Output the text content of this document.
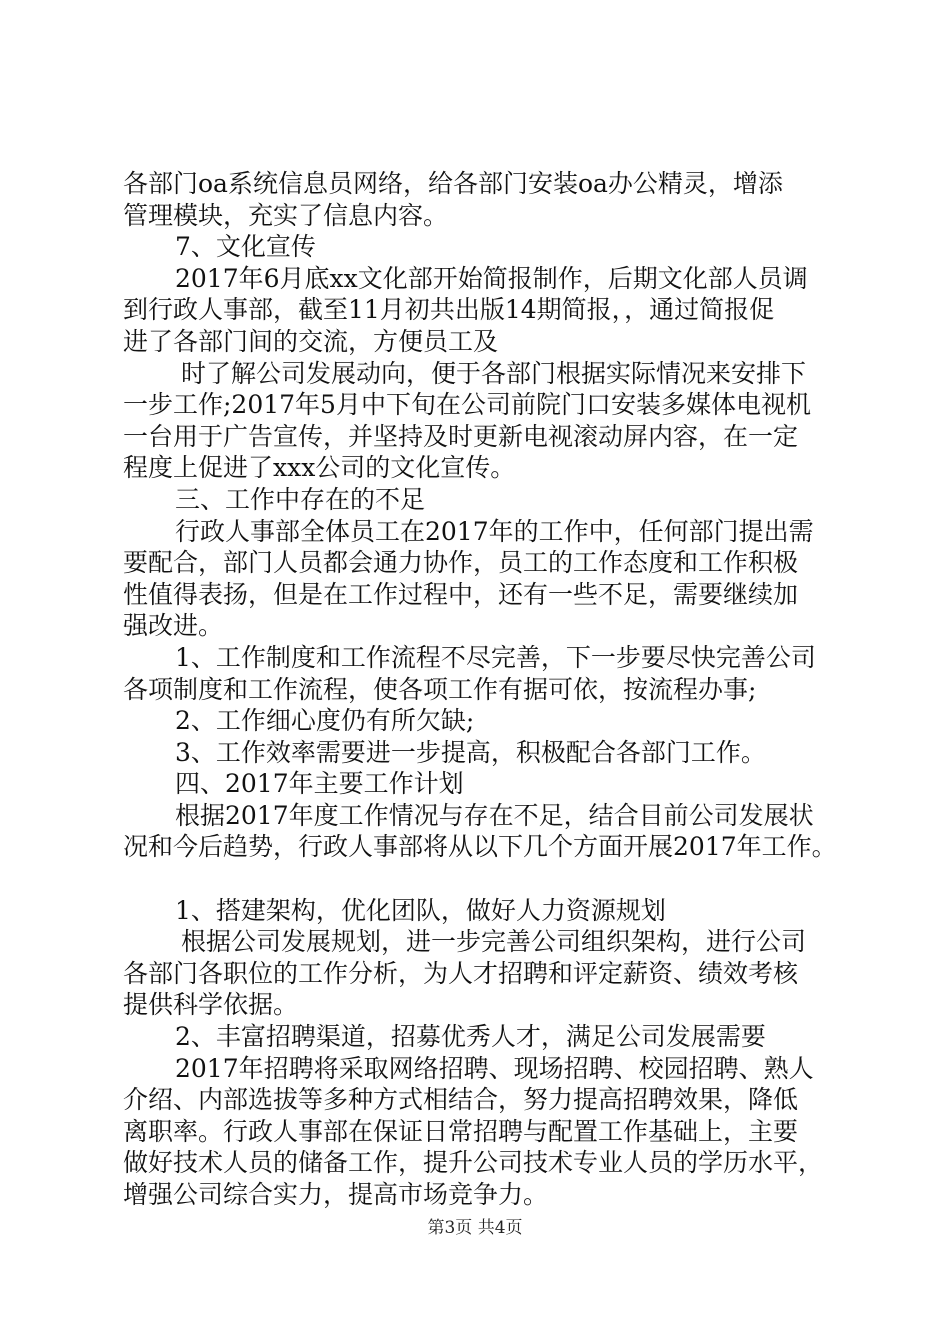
各部门oa系统信息员网络，给各部门安装oa办公精灵，增添
管理模块，充实了信息内容。
7、文化宣传
2017年6月底xx文化部开始简报制作，后期文化部人员调
到行政人事部，截至11月初共出版14期简报，，通过简报促
进了各部门间的交流，方便员工及
时了解公司发展动向，便于各部门根据实际情况来安排下
一步工作;2017年5月中下旬在公司前院门口安装多媒体电视机
一台用于广告宣传，并坚持及时更新电视滚动屏内容，在一定
程度上促进了xxx公司的文化宣传。
三、工作中存在的不足
行政人事部全体员工在2017年的工作中，任何部门提出需
要配合，部门人员都会通力协作，员工的工作态度和工作积极
性值得表扬，但是在工作过程中，还有一些不足，需要继续加
强改进。
1、工作制度和工作流程不尽完善，下一步要尽快完善公司
各项制度和工作流程，使各项工作有据可依，按流程办事;
2、工作细心度仍有所欠缺;
3、工作效率需要进一步提高，积极配合各部门工作。
四、2017年主要工作计划
根据2017年度工作情况与存在不足，结合目前公司发展状
况和今后趋势，行政人事部将从以下几个方面开展2017年工作。
1、搭建架构，优化团队，做好人力资源规划
根据公司发展规划，进一步完善公司组织架构，进行公司
各部门各职位的工作分析，为人才招聘和评定薪资、绩效考核
提供科学依据。
2、丰富招聘渠道，招募优秀人才，满足公司发展需要
2017年招聘将采取网络招聘、现场招聘、校园招聘、熟人
介绍、内部选拔等多种方式相结合，努力提高招聘效果，降低
离职率。行政人事部在保证日常招聘与配置工作基础上，主要
做好技术人员的储备工作，提升公司技术专业人员的学历水平，
增强公司综合实力，提高市场竞争力。
第3页 共4页
